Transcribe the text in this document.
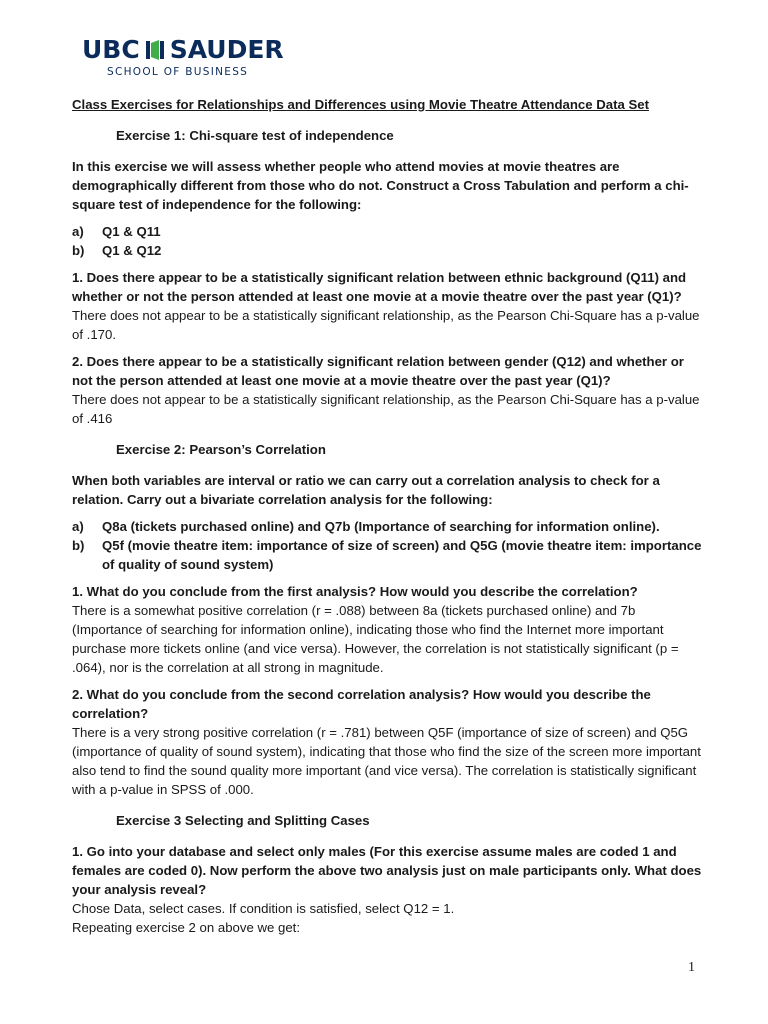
UBC SAUDER
SCHOOL OF BUSINESS

Class Exercises for Relationships and Differences using Movie Theatre Attendance Data Set

Exercise 1: Chi-square test of independence

In this exercise we will assess whether people who attend movies at movie theatres are demographically different from those who do not. Construct a Cross Tabulation and perform a chi-square test of independence for the following:

a)	Q1 & Q11
b)	Q1 & Q12

1. Does there appear to be a statistically significant relation between ethnic background (Q11) and whether or not the person attended at least one movie at a movie theatre over the past year (Q1)?

There does not appear to be a statistically significant relationship, as the Pearson Chi-Square has a p-value of .170.

2. Does there appear to be a statistically significant relation between gender (Q12) and whether or not the person attended at least one movie at a movie theatre over the past year (Q1)?

There does not appear to be a statistically significant relationship, as the Pearson Chi-Square has a p-value of .416

Exercise 2: Pearson’s Correlation

When both variables are interval or ratio we can carry out a correlation analysis to check for a relation. Carry out a bivariate correlation analysis for the following:

a)	Q8a (tickets purchased online) and Q7b (Importance of searching for information online).
b)	Q5f (movie theatre item: importance of size of screen) and Q5G (movie theatre item: importance of quality of sound system)

1. What do you conclude from the first analysis? How would you describe the correlation?

There is a somewhat positive correlation (r = .088) between 8a (tickets purchased online) and 7b (Importance of searching for information online), indicating those who find the Internet more important purchase more tickets online (and vice versa). However, the correlation is not statistically significant (p = .064), nor is the correlation at all strong in magnitude.

2. What do you conclude from the second correlation analysis? How would you describe the correlation?

There is a very strong positive correlation (r = .781) between Q5F (importance of size of screen) and Q5G (importance of quality of sound system), indicating that those who find the size of the screen more important also tend to find the sound quality more important (and vice versa). The correlation is statistically significant with a p-value in SPSS of .000.

Exercise 3 Selecting and Splitting Cases

1. Go into your database and select only males (For this exercise assume males are coded 1 and females are coded 0). Now perform the above two analysis just on male participants only. What does your analysis reveal?

Chose Data, select cases. If condition is satisfied, select Q12 = 1.

Repeating exercise 2 on above we get:

1
